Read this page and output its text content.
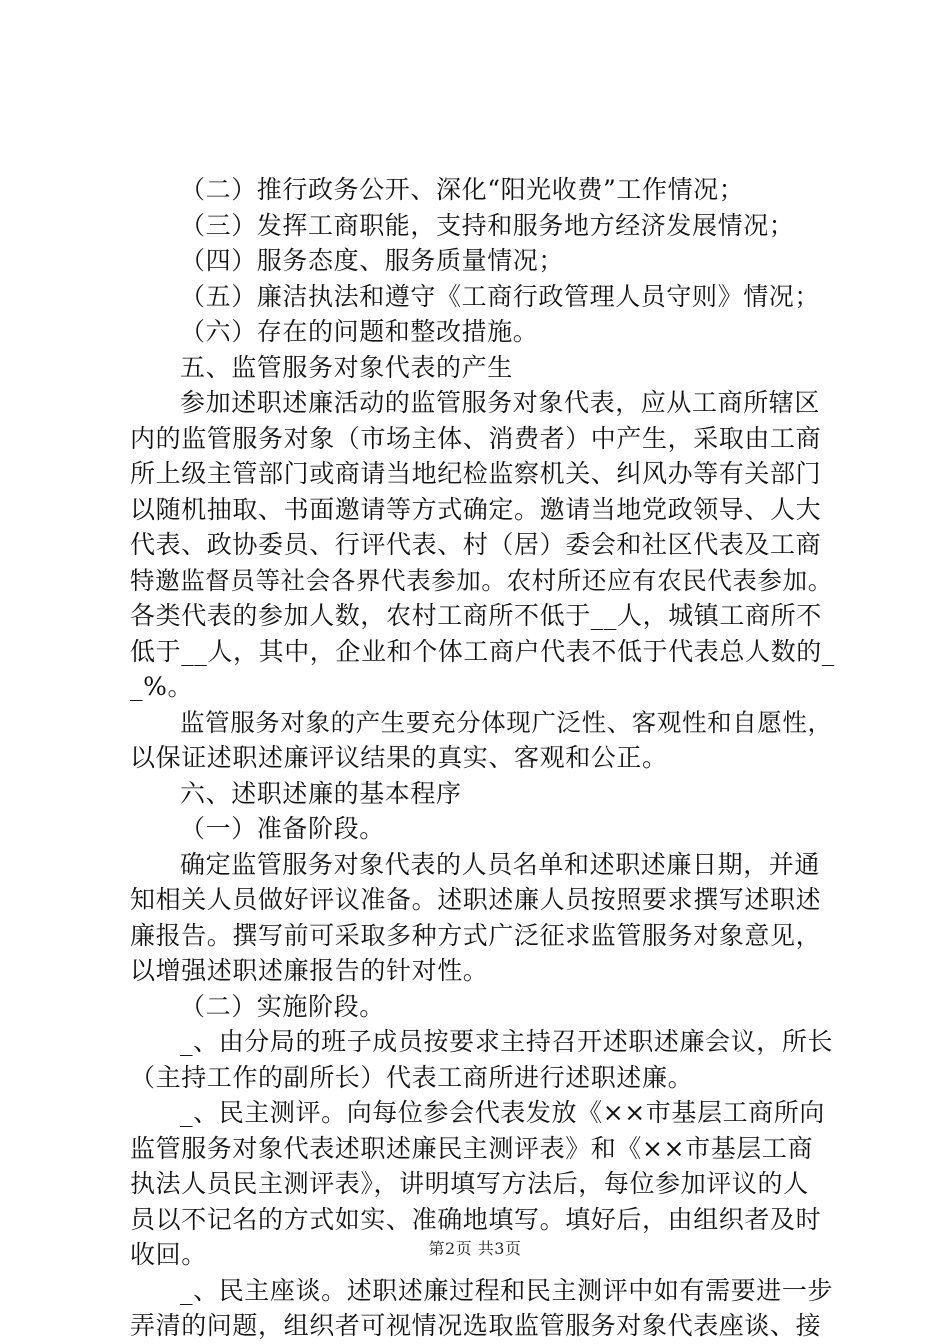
（二）推行政务公开、深化“阳光收费”工作情况；
（三）发挥工商职能，支持和服务地方经济发展情况；
（四）服务态度、服务质量情况；
（五）廉洁执法和遵守《工商行政管理人员守则》情况；
（六）存在的问题和整改措施。
五、监管服务对象代表的产生
参加述职述廉活动的监管服务对象代表，应从工商所辖区
内的监管服务对象（市场主体、消费者）中产生，采取由工商
所上级主管部门或商请当地纪检监察机关、纠风办等有关部门
以随机抽取、书面邀请等方式确定。邀请当地党政领导、人大
代表、政协委员、行评代表、村（居）委会和社区代表及工商
特邀监督员等社会各界代表参加。农村所还应有农民代表参加。
各类代表的参加人数，农村工商所不低于__人，城镇工商所不
低于__人，其中，企业和个体工商户代表不低于代表总人数的_
_%。
监管服务对象的产生要充分体现广泛性、客观性和自愿性，
以保证述职述廉评议结果的真实、客观和公正。
六、述职述廉的基本程序
（一）准备阶段。
确定监管服务对象代表的人员名单和述职述廉日期，并通
知相关人员做好评议准备。述职述廉人员按照要求撰写述职述
廉报告。撰写前可采取多种方式广泛征求监管服务对象意见，
以增强述职述廉报告的针对性。
（二）实施阶段。
_、由分局的班子成员按要求主持召开述职述廉会议，所长
（主持工作的副所长）代表工商所进行述职述廉。
_、民主测评。向每位参会代表发放《××市基层工商所向
监管服务对象代表述职述廉民主测评表》和《××市基层工商
执法人员民主测评表》，讲明填写方法后，每位参加评议的人
员以不记名的方式如实、准确地填写。填好后，由组织者及时
收回。
_、民主座谈。述职述廉过程和民主测评中如有需要进一步
弄清的问题，组织者可视情况选取监管服务对象代表座谈、接
第2页 共3页
